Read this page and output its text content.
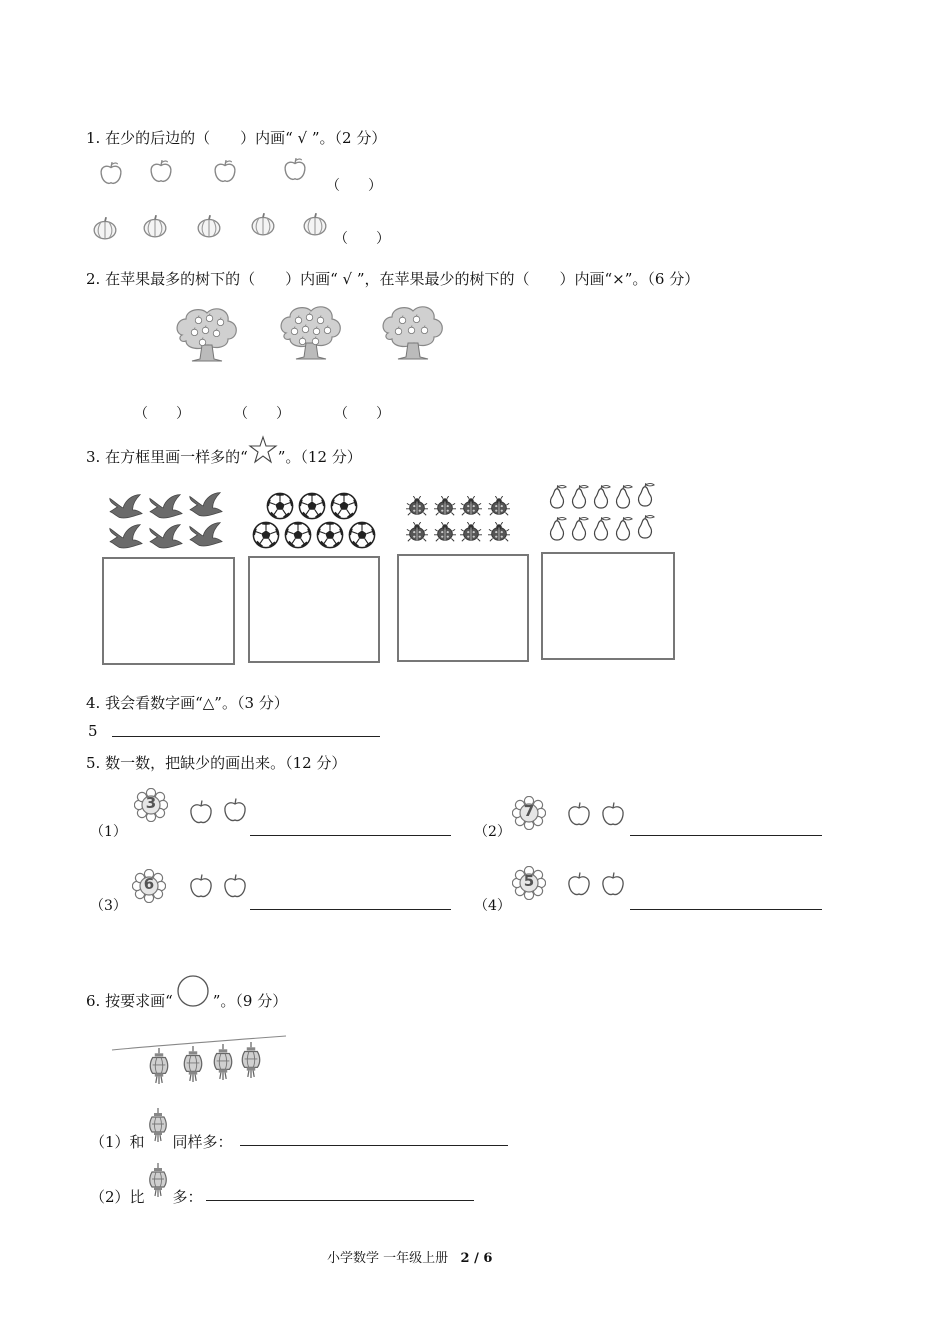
1. 在少的后边的（　　）内画“ √ ”。（2 分）
（　　）
（　　）
2. 在苹果最多的树下的（　　）内画“ √ ”，在苹果最少的树下的（　　）内画“×”。（6 分）
（　　）	（　　）	（　　）
3. 在方框里画一样多的“ ”。（12 分）
4. 我会看数字画“△”。（3 分）
5
5. 数一数，把缺少的画出来。（12 分）
（1）
3
（2）
7
（3）
6
（4）
5
6. 按要求画“	”。（9 分）
（1）和 同样多：
（2）比 多：
小学数学 一年级上册 2 / 6
